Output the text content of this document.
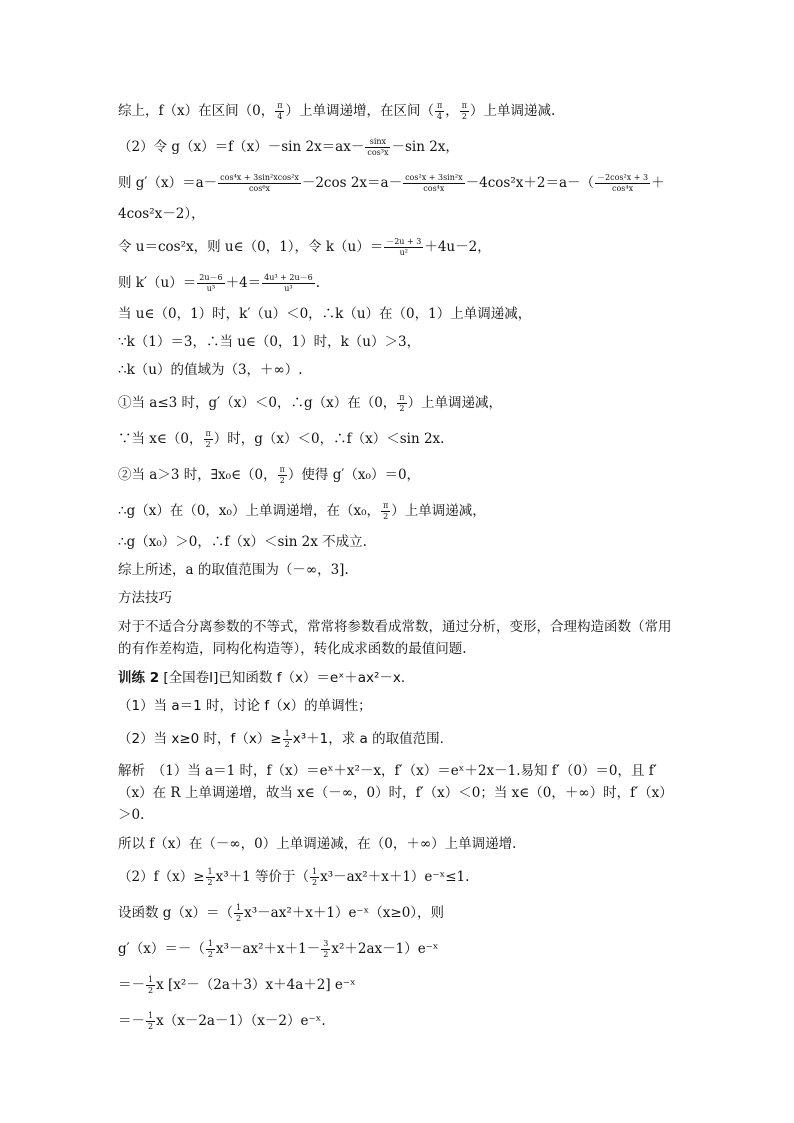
综上，f（x）在区间（0， $\frac{\pi}{4}$ ）上单调递增，在区间（ $\frac{\pi}{4}$ ， $\frac{\pi}{2}$ ）上单调递减.
（2）令 g（x）＝f（x）－sin $2x=ax- \frac{\sin x}{\text{cos³x}} -\sin$ 2x，
则 $g'(x)=a- \frac{\text{cos⁴x + 3sin²xcos²x}}{\text{cos⁶x}} -2\cos$ $2x=a- \frac{\text{cos²x + 3sin²x}}{\text{cos⁴x}} -4\cos^2x+2=a-( \frac{\text{－2cos²x + 3}}{\text{cos⁴x}}$ ＋
4cos²x－2），
令 u＝cos²x，则 u∈（0，1），令 $k(u)= \frac{-2u + 3}{\text{u²}} +4u-2$，
则 $k'(u)= \frac{2u-6}{\text{u³}} +4= \frac{\text{4u³ + 2u－6}}{\text{u³}}$ .
当 u∈（0，1）时，k′（u）＜0，∴k（u）在（0，1）上单调递减，
∵k（1）＝3，∴当 u∈（0，1）时，k（u）＞3，
∴k（u）的值域为（3，＋∞）.
①当 a≤3 时，g′（x）＜0，∴g（x）在（0， $\frac{\pi}{2}$ ）上单调递减，
∵当 x∈（0， $\frac{\pi}{2}$ ）时，g（x）＜0，∴f（x）＜sin 2x.
②当 a＞3 时，∃x₀∈（0， $\frac{\pi}{2}$ ）使得 g′（x₀）＝0，
∴g（x）在（0，x₀）上单调递增，在（x₀， $\frac{\pi}{2}$ ）上单调递减，
∴g（x₀）＞0，∴f（x）＜sin 2x 不成立.
综上所述，a 的取值范围为（－∞，3].
方法技巧
对于不适合分离参数的不等式，常常将参数看成常数，通过分析，变形，合理构造函数（常用的有作差构造，同构化构造等），转化成求函数的最值问题.
训练 2 [全国卷Ⅰ]已知函数 f（x）＝eˣ＋ax²－x.
（1）当 a＝1 时，讨论 f（x）的单调性；
（2）当 x≥0 时，$f(x)\ge \frac{1}{2} x^3+1$，求 a 的取值范围.
解析　（1）当 a＝1 时，f（x）＝eˣ＋x²－x，f′（x）＝eˣ＋2x－1.易知 f′（0）＝0，且 f′（x）在 R 上单调递增，故当 x∈（－∞，0）时，f′（x）＜0；当 x∈（0，＋∞）时，f′（x）＞0.
所以 f（x）在（－∞，0）上单调递减，在（0，＋∞）上单调递增.
$(2)f(x)\ge \frac{1}{2} x^3+1$ 等价于（ $\frac{1}{2}$ x³－ax²＋x＋1）e⁻ˣ≤1.
设函数 $g(x)=( \frac{1}{2}$ x³－ax²＋x＋1）e⁻ˣ（x≥0），则
$g'(x)=-( \frac{1}{2} x^3-ax^2+x+1- \frac{3}{2}$ x²＋2ax－1）e⁻ˣ
＝－ $\frac{1}{2}$ x [x²－（2a＋3）x＋4a＋2] e⁻ˣ
＝－ $\frac{1}{2}$ x（x－2a－1）（x－2）e⁻ˣ.
